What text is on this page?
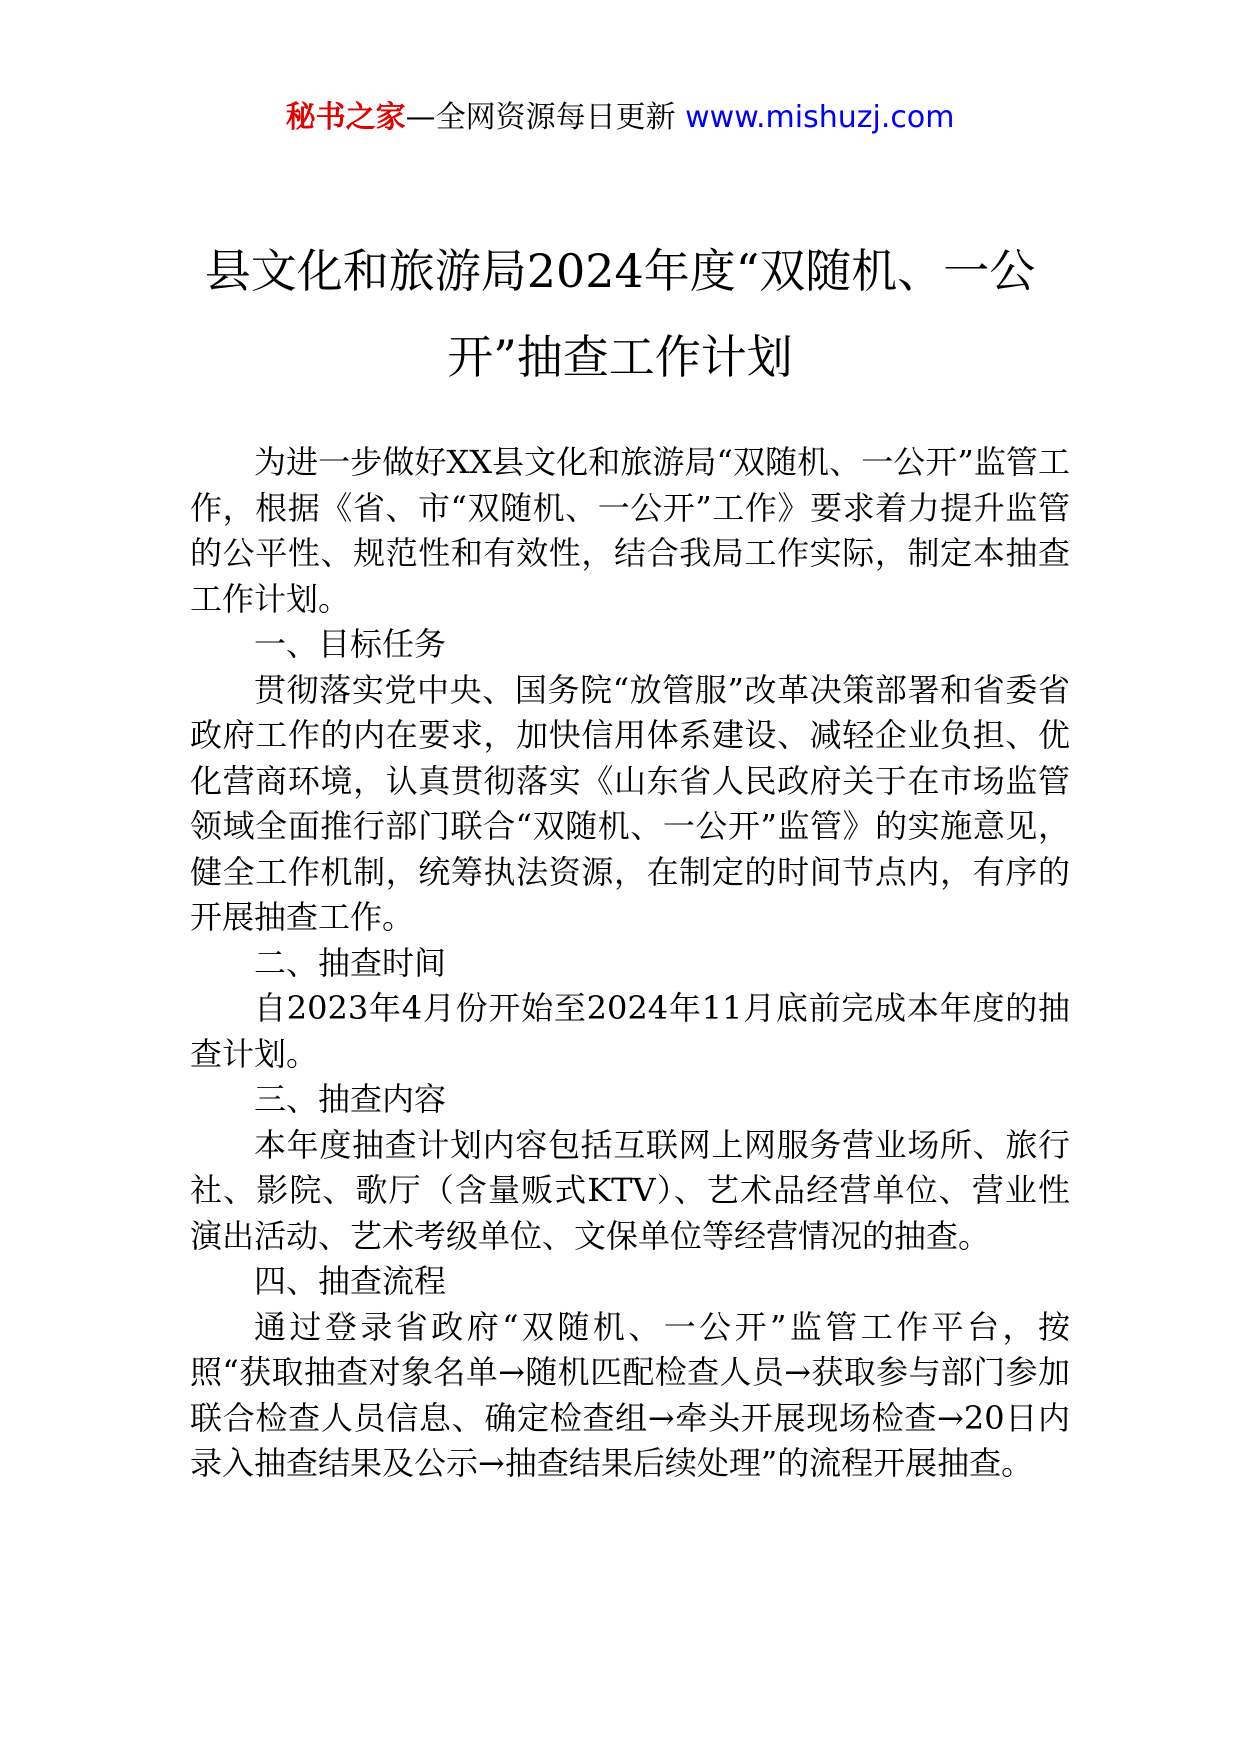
秘书之家—全网资源每日更新 www.mishuzj.com
县文化和旅游局2024年度“双随机、一公
开”抽查工作计划

为进一步做好XX县文化和旅游局“双随机、一公开”监管工作，根据《省、市“双随机、一公开”工作》要求着力提升监管的公平性、规范性和有效性，结合我局工作实际，制定本抽查工作计划。

一、目标任务

贯彻落实党中央、国务院“放管服”改革决策部署和省委省政府工作的内在要求，加快信用体系建设、减轻企业负担、优化营商环境，认真贯彻落实《山东省人民政府关于在市场监管领域全面推行部门联合“双随机、一公开”监管》的实施意见，健全工作机制，统筹执法资源，在制定的时间节点内，有序的开展抽查工作。

二、抽查时间

自2023年4月份开始至2024年11月底前完成本年度的抽查计划。

三、抽查内容

本年度抽查计划内容包括互联网上网服务营业场所、旅行社、影院、歌厅（含量贩式KTV）、艺术品经营单位、营业性演出活动、艺术考级单位、文保单位等经营情况的抽查。

四、抽查流程

通过登录省政府“双随机、一公开”监管工作平台，按照“获取抽查对象名单→随机匹配检查人员→获取参与部门参加联合检查人员信息、确定检查组→牵头开展现场检查→20日内录入抽查结果及公示→抽查结果后续处理”的流程开展抽查。
